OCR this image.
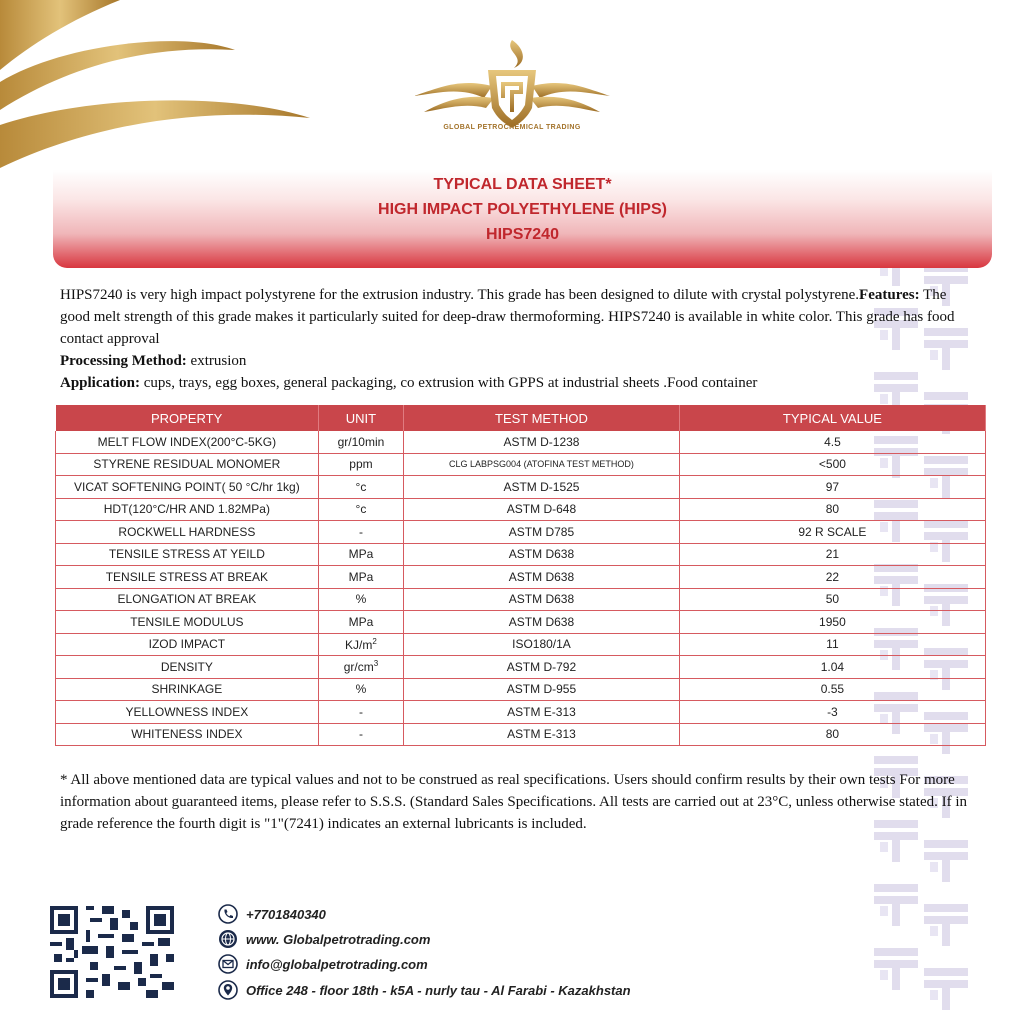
GLOBAL PETROCHEMICAL TRADING
TYPICAL DATA SHEET*
HIGH IMPACT POLYETHYLENE (HIPS)
HIPS7240
HIPS7240 is very high impact polystyrene for the extrusion industry. This grade has been designed to dilute with crystal polystyrene.Features: The good melt strength of this grade makes it particularly suited for deep-draw thermoforming. HIPS7240 is available in white color. This grade has food contact approval
Processing Method: extrusion
Application: cups, trays, egg boxes, general packaging, co extrusion with GPPS at industrial sheets .Food container
PROPERTY	UNIT	TEST METHOD	TYPICAL VALUE
MELT FLOW INDEX(200°C-5KG)	gr/10min	ASTM D-1238	4.5
STYRENE RESIDUAL MONOMER	ppm	CLG LABPSG004 (ATOFINA TEST METHOD)	<500
VICAT SOFTENING POINT( 50 °C/hr 1kg)	°c	ASTM D-1525	97
HDT(120°C/HR AND 1.82MPa)	°c	ASTM D-648	80
ROCKWELL HARDNESS	-	ASTM D785	92 R SCALE
TENSILE STRESS AT YEILD	MPa	ASTM D638	21
TENSILE STRESS AT BREAK	MPa	ASTM D638	22
ELONGATION AT BREAK	%	ASTM D638	50
TENSILE MODULUS	MPa	ASTM D638	1950
IZOD IMPACT	$KJ/m^2$	ISO180/1A	11
DENSITY	$gr/cm^3$	ASTM D-792	1.04
SHRINKAGE	%	ASTM D-955	0.55
YELLOWNESS INDEX	-	ASTM E-313	-3
WHITENESS INDEX	-	ASTM E-313	80
* All above mentioned data are typical values and not to be construed as real specifications. Users should confirm results by their own tests For more information about guaranteed items, please refer to S.S.S. (Standard Sales Specifications. All tests are carried out at 23°C, unless otherwise stated. If in grade reference the fourth digit is "1"(7241) indicates an external lubricants is included.
+7701840340
www. Globalpetrotrading.com
info@globalpetrotrading.com
Office 248 - floor 18th - k5A - nurly tau - Al Farabi - Kazakhstan
